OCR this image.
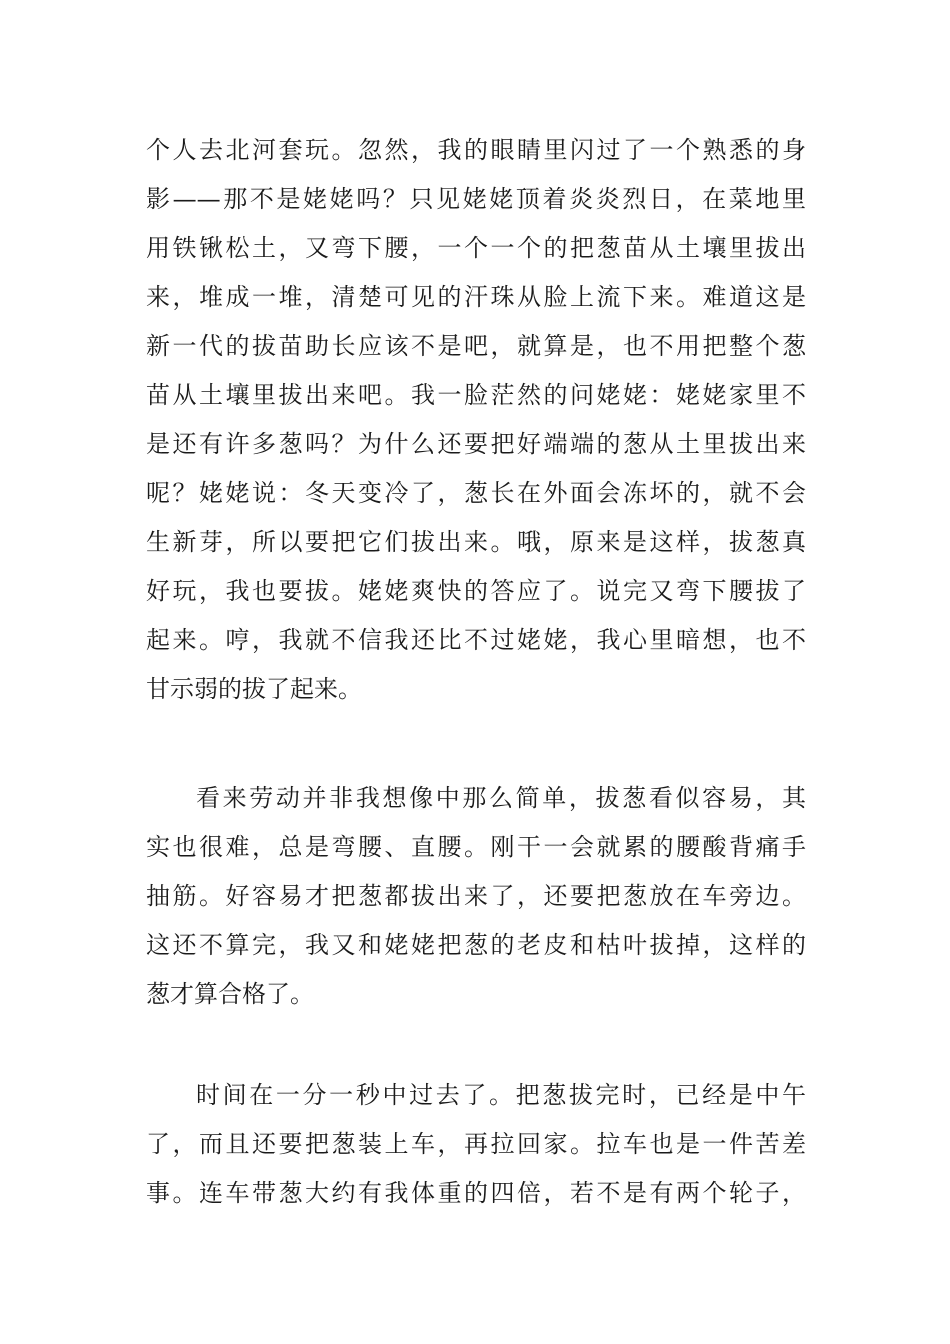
个人去北河套玩。忽然，我的眼睛里闪过了一个熟悉的身
影——那不是姥姥吗？只见姥姥顶着炎炎烈日，在菜地里
用铁锹松土，又弯下腰，一个一个的把葱苗从土壤里拔出
来，堆成一堆，清楚可见的汗珠从脸上流下来。难道这是
新一代的拔苗助长应该不是吧，就算是，也不用把整个葱
苗从土壤里拔出来吧。我一脸茫然的问姥姥：姥姥家里不
是还有许多葱吗？为什么还要把好端端的葱从土里拔出来
呢？姥姥说：冬天变冷了，葱长在外面会冻坏的，就不会
生新芽，所以要把它们拔出来。哦，原来是这样，拔葱真
好玩，我也要拔。姥姥爽快的答应了。说完又弯下腰拔了
起来。哼，我就不信我还比不过姥姥，我心里暗想，也不
甘示弱的拔了起来。
看来劳动并非我想像中那么简单，拔葱看似容易，其
实也很难，总是弯腰、直腰。刚干一会就累的腰酸背痛手
抽筋。好容易才把葱都拔出来了，还要把葱放在车旁边。
这还不算完，我又和姥姥把葱的老皮和枯叶拔掉，这样的
葱才算合格了。
时间在一分一秒中过去了。把葱拔完时，已经是中午
了，而且还要把葱装上车，再拉回家。拉车也是一件苦差
事。连车带葱大约有我体重的四倍，若不是有两个轮子，
